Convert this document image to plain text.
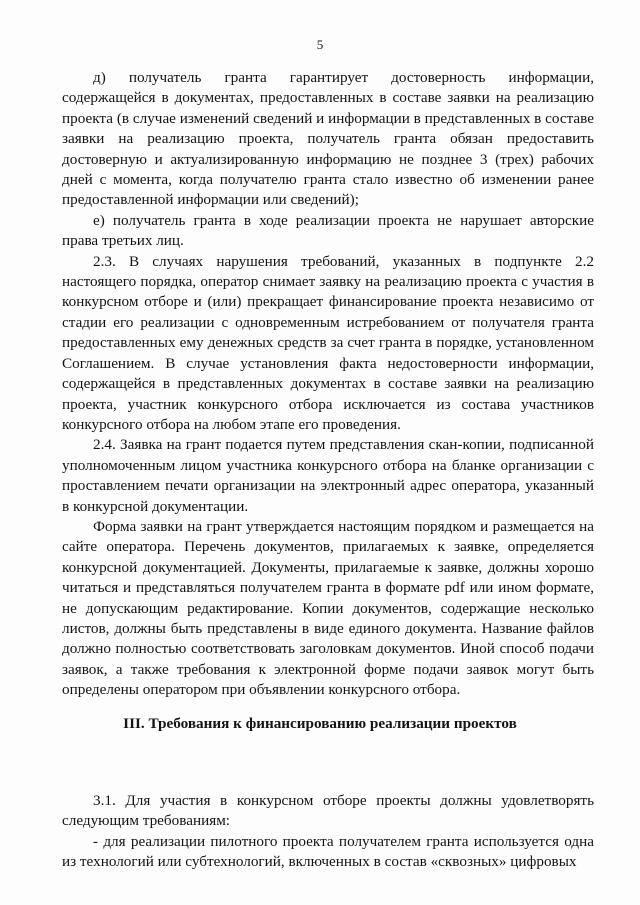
5

д) получатель гранта гарантирует достоверность информации, содержащейся в документах, предоставленных в составе заявки на реализацию проекта (в случае изменений сведений и информации в представленных в составе заявки на реализацию проекта, получатель гранта обязан предоставить достоверную и актуализированную информацию не позднее 3 (трех) рабочих дней с момента, когда получателю гранта стало известно об изменении ранее предоставленной информации или сведений);

е) получатель гранта в ходе реализации проекта не нарушает авторские права третьих лиц.

2.3. В случаях нарушения требований, указанных в подпункте 2.2 настоящего порядка, оператор снимает заявку на реализацию проекта с участия в конкурсном отборе и (или) прекращает финансирование проекта независимо от стадии его реализации с одновременным истребованием от получателя гранта предоставленных ему денежных средств за счет гранта в порядке, установленном Соглашением. В случае установления факта недостоверности информации, содержащейся в представленных документах в составе заявки на реализацию проекта, участник конкурсного отбора исключается из состава участников конкурсного отбора на любом этапе его проведения.

2.4. Заявка на грант подается путем представления скан-копии, подписанной уполномоченным лицом участника конкурсного отбора на бланке организации с проставлением печати организации на электронный адрес оператора, указанный в конкурсной документации.

Форма заявки на грант утверждается настоящим порядком и размещается на сайте оператора. Перечень документов, прилагаемых к заявке, определяется конкурсной документацией. Документы, прилагаемые к заявке, должны хорошо читаться и представляться получателем гранта в формате pdf или ином формате, не допускающим редактирование. Копии документов, содержащие несколько листов, должны быть представлены в виде единого документа. Название файлов должно полностью соответствовать заголовкам документов. Иной способ подачи заявок, а также требования к электронной форме подачи заявок могут быть определены оператором при объявлении конкурсного отбора.

III. Требования к финансированию реализации проектов

3.1. Для участия в конкурсном отборе проекты должны удовлетворять следующим требованиям:

- для реализации пилотного проекта получателем гранта используется одна из технологий или субтехнологий, включенных в состав «сквозных» цифровых
